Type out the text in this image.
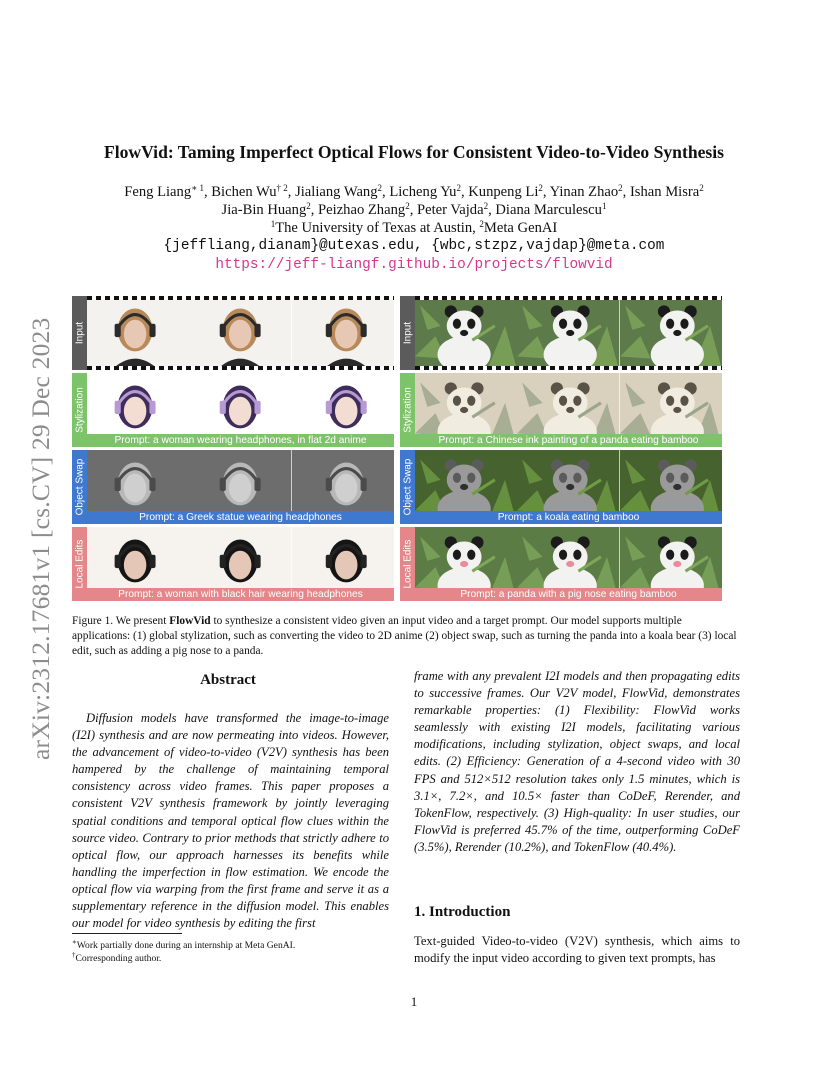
arXiv:2312.17681v1 [cs.CV] 29 Dec 2023
FlowVid: Taming Imperfect Optical Flows for Consistent Video-to-Video Synthesis
Feng Liang$^{∗ 1}$, Bichen Wu$^{\dagger 2}$, Jialiang Wang$^2$, Licheng Yu$^2$, Kunpeng Li$^2$, Yinan Zhao$^2$, Ishan Misra$^2$
Jia-Bin Huang$^2$, Peizhao Zhang$^2$, Peter Vajda$^2$, Diana Marculescu$^1$
$^1$The University of Texas at Austin, $^2$Meta GenAI
{jeffliang,dianam}@utexas.edu, {wbc,stzpz,vajdap}@meta.com
https://jeff-liangf.github.io/projects/flowvid
Input	Input
Stylization
Prompt: a woman wearing headphones, in flat 2d anime
Stylization
Prompt: a Chinese ink painting of a panda eating bamboo
Object Swap
Prompt: a Greek statue wearing headphones
Object Swap
Prompt: a koala eating bamboo
Local Edits
Prompt: a woman with black hair wearing headphones
Local Edits
Prompt: a panda with a pig nose eating bamboo
Figure 1. We present FlowVid to synthesize a consistent video given an input video and a target prompt. Our model supports multiple applications: (1) global stylization, such as converting the video to 2D anime (2) object swap, such as turning the panda into a koala bear (3) local edit, such as adding a pig nose to a panda.
Abstract
Diffusion models have transformed the image-to-image (I2I) synthesis and are now permeating into videos. However, the advancement of video-to-video (V2V) synthesis has been hampered by the challenge of maintaining temporal consistency across video frames. This paper proposes a consistent V2V synthesis framework by jointly leveraging spatial conditions and temporal optical flow clues within the source video. Contrary to prior methods that strictly adhere to optical flow, our approach harnesses its benefits while handling the imperfection in flow estimation. We encode the optical flow via warping from the first frame and serve it as a supplementary reference in the diffusion model. This enables our model for video synthesis by editing the first
frame with any prevalent I2I models and then propagating edits to successive frames. Our V2V model, FlowVid, demonstrates remarkable properties: (1) Flexibility: FlowVid works seamlessly with existing I2I models, facilitating various modifications, including stylization, object swaps, and local edits. (2) Efficiency: Generation of a 4-second video with 30 FPS and 512×512 resolution takes only 1.5 minutes, which is 3.1×, 7.2×, and 10.5× faster than CoDeF, Rerender, and TokenFlow, respectively. (3) High-quality: In user studies, our FlowVid is preferred 45.7% of the time, outperforming CoDeF (3.5%), Rerender (10.2%), and TokenFlow (40.4%).
1. Introduction
Text-guided Video-to-video (V2V) synthesis, which aims to modify the input video according to given text prompts, has
∗Work partially done during an internship at Meta GenAI.
†Corresponding author.
1
